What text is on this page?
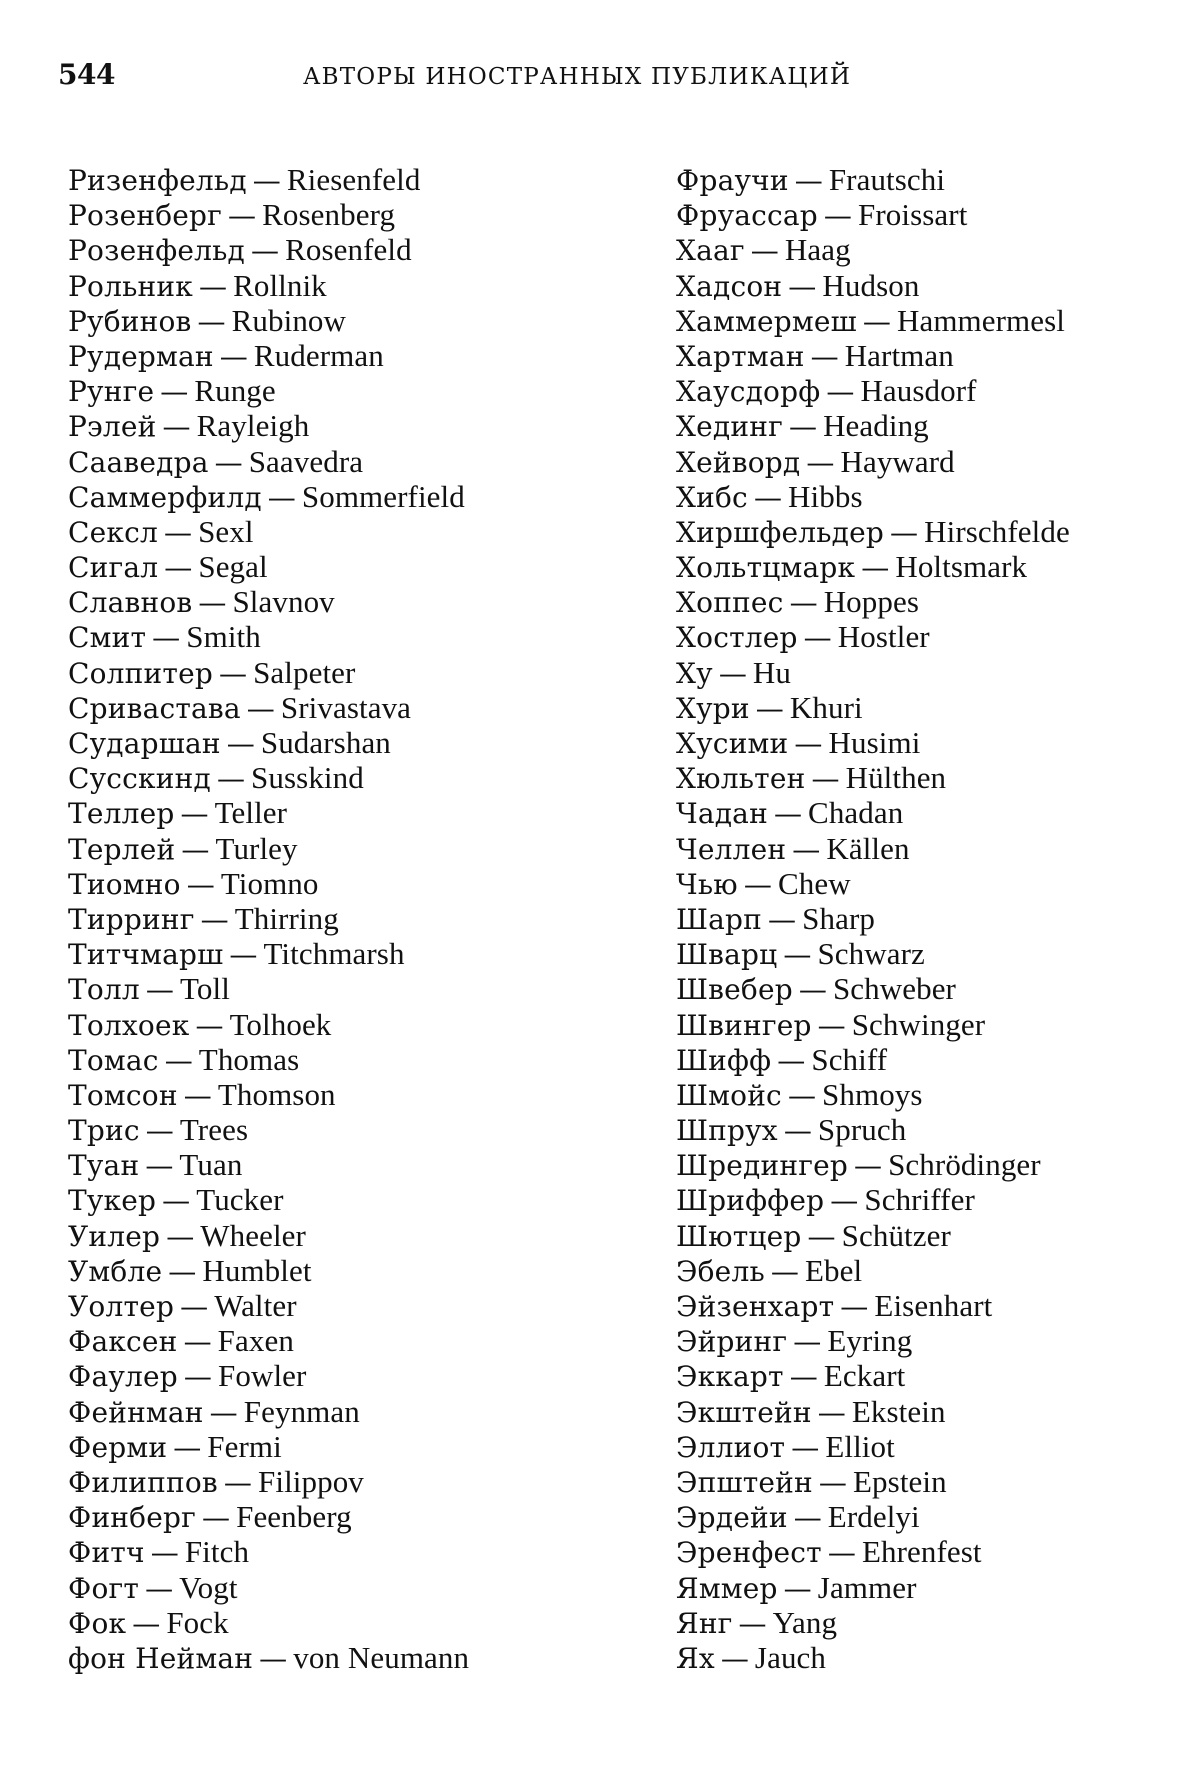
544	АВТОРЫ ИНОСТРАННЫХ ПУБЛИКАЦИЙ
Ризенфельд — Riesenfeld
Розенберг — Rosenberg
Розенфельд — Rosenfeld
Рольник — Rollnik
Рубинов — Rubinow
Рудерман — Ruderman
Рунге — Runge
Рэлей — Rayleigh
Сааведра — Saavedra
Саммерфилд — Sommerfield
Сексл — Sexl
Сигал — Segal
Славнов — Slavnov
Смит — Smith
Солпитер — Salpeter
Сривастава — Srivastava
Сударшан — Sudarshan
Сусскинд — Susskind
Теллер — Teller
Терлей — Turley
Тиомно — Tiomno
Тирринг — Thirring
Титчмарш — Titchmarsh
Толл — Toll
Толхоек — Tolhoek
Томас — Thomas
Томсон — Thomson
Трис — Trees
Туан — Tuan
Тукер — Tucker
Уилер — Wheeler
Умбле — Humblet
Уолтер — Walter
Факсен — Faxen
Фаулер — Fowler
Фейнман — Feynman
Ферми — Fermi
Филиппов — Filippov
Финберг — Feenberg
Фитч — Fitch
Фогт — Vogt
Фок — Fock
фон Нейман — von Neumann
Фраучи — Frautschi
Фруассар — Froissart
Хааг — Haag
Хадсон — Hudson
Хаммермеш — Hammermesl
Хартман — Hartman
Хаусдорф — Hausdorf
Хединг — Heading
Хейворд — Hayward
Хибс — Hibbs
Хиршфельдер — Hirschfelde
Хольтцмарк — Holtsmark
Хоппес — Hoppes
Хостлер — Hostler
Ху — Hu
Хури — Khuri
Хусими — Husimi
Хюльтен — Hülthen
Чадан — Chadan
Челлен — Källen
Чью — Chew
Шарп — Sharp
Шварц — Schwarz
Швебер — Schweber
Швингер — Schwinger
Шифф — Schiff
Шмойс — Shmoys
Шпрух — Spruch
Шредингер — Schrödinger
Шриффер — Schriffer
Шютцер — Schützer
Эбель — Ebel
Эйзенхарт — Eisenhart
Эйринг — Eyring
Эккарт — Eckart
Экштейн — Ekstein
Эллиот — Elliot
Эпштейн — Epstein
Эрдейи — Erdelyi
Эренфест — Ehrenfest
Яммер — Jammer
Янг — Yang
Ях — Jauch
